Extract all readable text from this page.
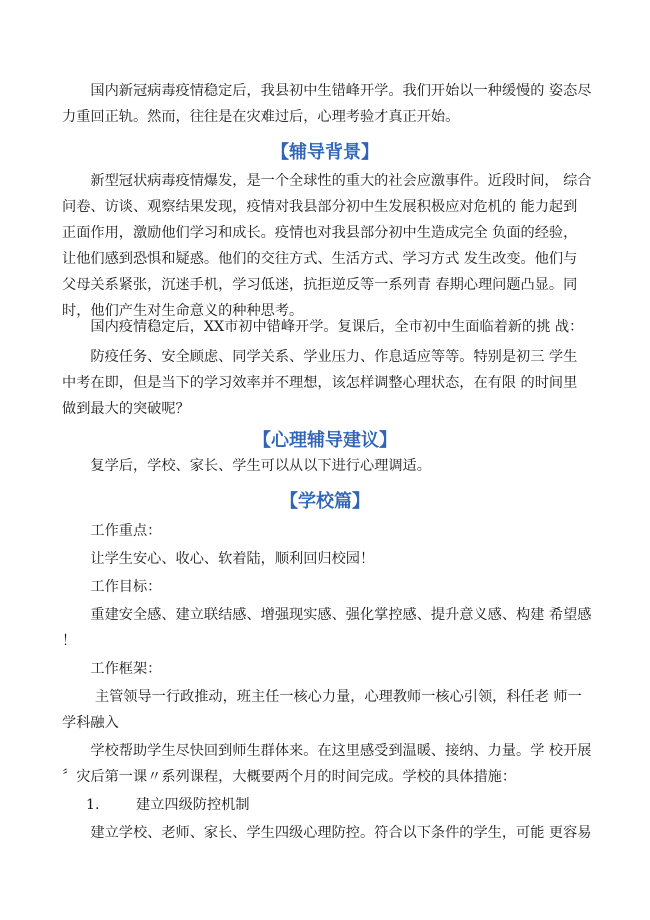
　　国内新冠病毒疫情稳定后，我县初中生错峰开学。我们开始以一种缓慢的 姿态尽
力重回正轨。然而，往往是在灾难过后，心理考验才真正开始。
【辅导背景】
　　新型冠状病毒疫情爆发，是一个全球性的重大的社会应激事件。近段时间， 综合
问卷、访谈、观察结果发现，疫情对我县部分初中生发展积极应对危机的 能力起到
正面作用，激励他们学习和成长。疫情也对我县部分初中生造成完全 负面的经验，
让他们感到恐惧和疑惑。他们的交往方式、生活方式、学习方式 发生改变。他们与
父母关系紧张，沉迷手机，学习低迷，抗拒逆反等一系列青 春期心理问题凸显。同
时，他们产生对生命意义的种种思考。
　　国内疫情稳定后，XX市初中错峰开学。复课后，全市初中生面临着新的挑 战：
　　防疫任务、安全顾虑、同学关系、学业压力、作息适应等等。特别是初三 学生
中考在即，但是当下的学习效率并不理想，该怎样调整心理状态，在有限 的时间里
做到最大的突破呢？
【心理辅导建议】
　　复学后，学校、家长、学生可以从以下进行心理调适。
【学校篇】
　　工作重点：
　　让学生安心、收心、软着陆，顺利回归校园！
　　工作目标：
　　重建安全感、建立联结感、增强现实感、强化掌控感、提升意义感、构建 希望感
！
　　工作框架：
　　 主管领导一行政推动，班主任一核心力量，心理教师一核心引领，科任老 师一
学科融入
　　学校帮助学生尽快回到师生群体来。在这里感受到温暖、接纳、力量。学 校开展
〞灾后第一课〃系列课程，大概要两个月的时间完成。学校的具体措施：
1.	建立四级防控机制
　　建立学校、老师、家长、学生四级心理防控。符合以下条件的学生，可能 更容易
